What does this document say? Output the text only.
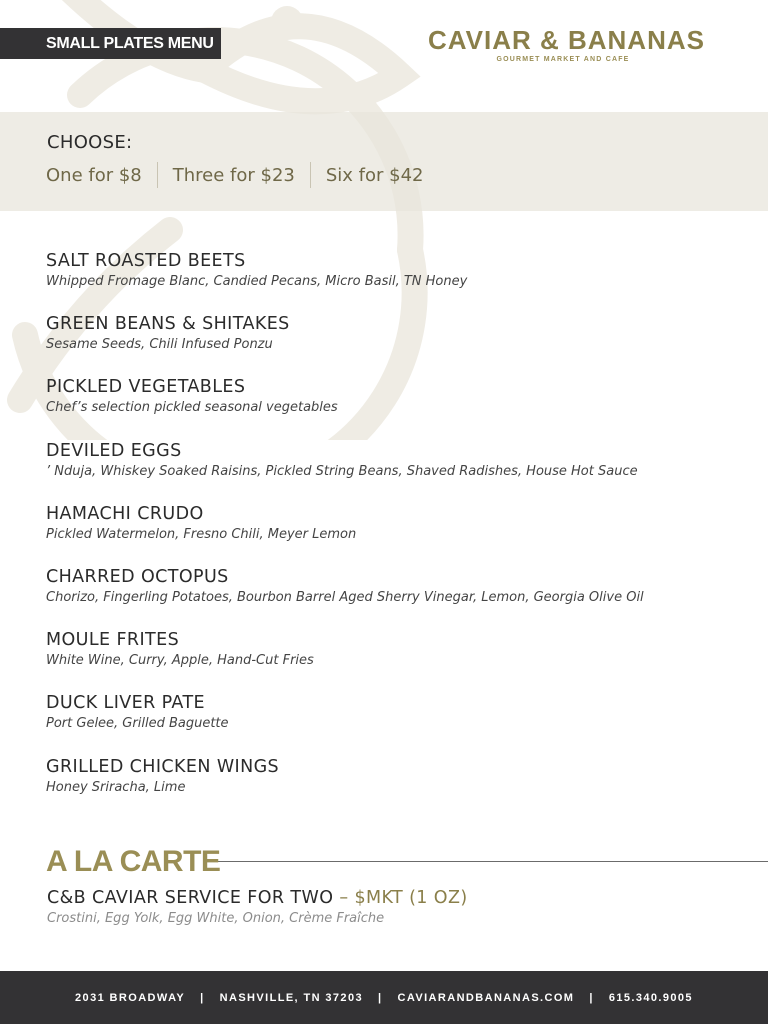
SMALL PLATES MENU	CAVIAR & BANANAS
GOURMET MARKET AND CAFE
CHOOSE:
One for $8 Three for $23 Six for $42
SALT ROASTED BEETS
Whipped Fromage Blanc, Candied Pecans, Micro Basil, TN Honey
GREEN BEANS & SHITAKES
Sesame Seeds, Chili Infused Ponzu
PICKLED VEGETABLES
Chef’s selection pickled seasonal vegetables
DEVILED EGGS
’ Nduja, Whiskey Soaked Raisins, Pickled String Beans, Shaved Radishes, House Hot Sauce
HAMACHI CRUDO
Pickled Watermelon, Fresno Chili, Meyer Lemon
CHARRED OCTOPUS
Chorizo, Fingerling Potatoes, Bourbon Barrel Aged Sherry Vinegar, Lemon, Georgia Olive Oil
MOULE FRITES
White Wine, Curry, Apple, Hand-Cut Fries
DUCK LIVER PATE
Port Gelee, Grilled Baguette
GRILLED CHICKEN WINGS
Honey Sriracha, Lime
A LA CARTE
C&B CAVIAR SERVICE FOR TWO – $MKT (1 OZ)
Crostini, Egg Yolk, Egg White, Onion, Crème Fraîche
2031 BROADWAY | NASHVILLE, TN 37203 | CAVIARANDBANANAS.COM | 615.340.9005
